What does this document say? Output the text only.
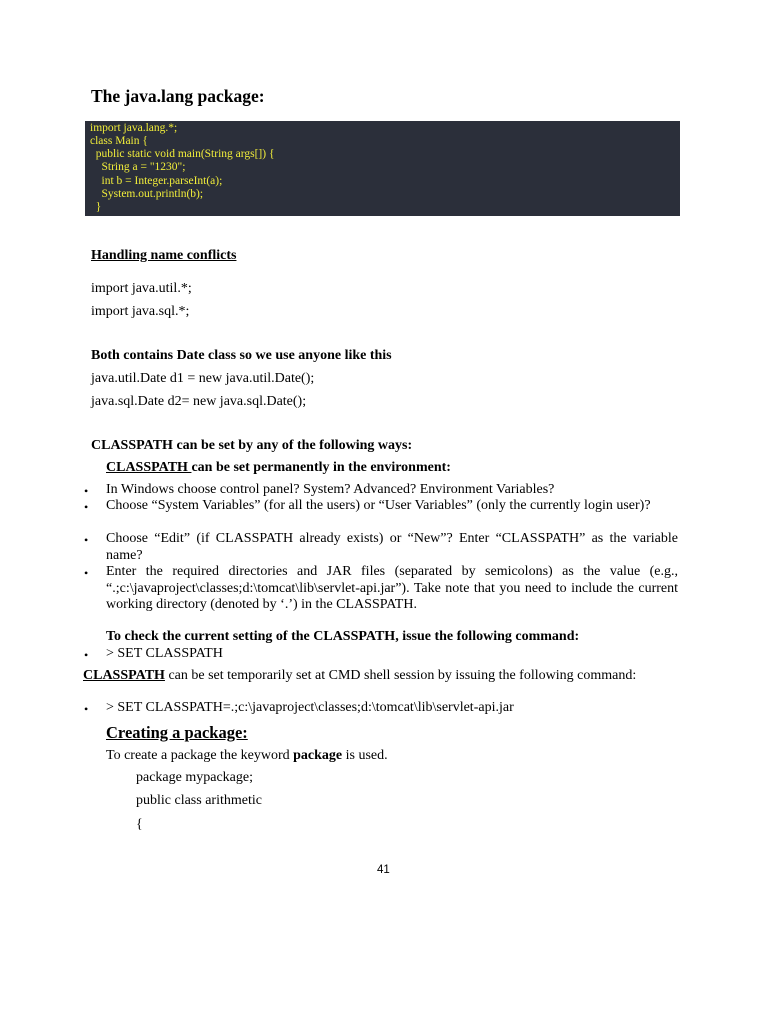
The java.lang package:
import java.lang.*;
class Main {
public static void main(String args[]) {
String a = "1230";
int b = Integer.parseInt(a);
System.out.println(b);
}
Handling name conflicts
import java.util.*;
import java.sql.*;
Both contains Date class so we use anyone like this
java.util.Date d1 = new java.util.Date();
java.sql.Date d2= new java.sql.Date();
CLASSPATH can be set by any of the following ways:
CLASSPATH can be set permanently in the environment:
• In Windows choose control panel? System? Advanced? Environment Variables?
• Choose “System Variables” (for all the users) or “User Variables” (only the currently login user)?
• Choose “Edit” (if CLASSPATH already exists) or “New”? Enter “CLASSPATH” as the variable name?
• Enter the required directories and JAR files (separated by semicolons) as the value (e.g., “.;c:\javaproject\classes;d:\tomcat\lib\servlet-api.jar”). Take note that you need to include the current working directory (denoted by ‘.’) in the CLASSPATH.
To check the current setting of the CLASSPATH, issue the following command:
• > SET CLASSPATH
CLASSPATH can be set temporarily set at CMD shell session by issuing the following command:
• > SET CLASSPATH=.;c:\javaproject\classes;d:\tomcat\lib\servlet-api.jar
Creating a package:
To create a package the keyword package is used.
package mypackage;
public class arithmetic
{
41
